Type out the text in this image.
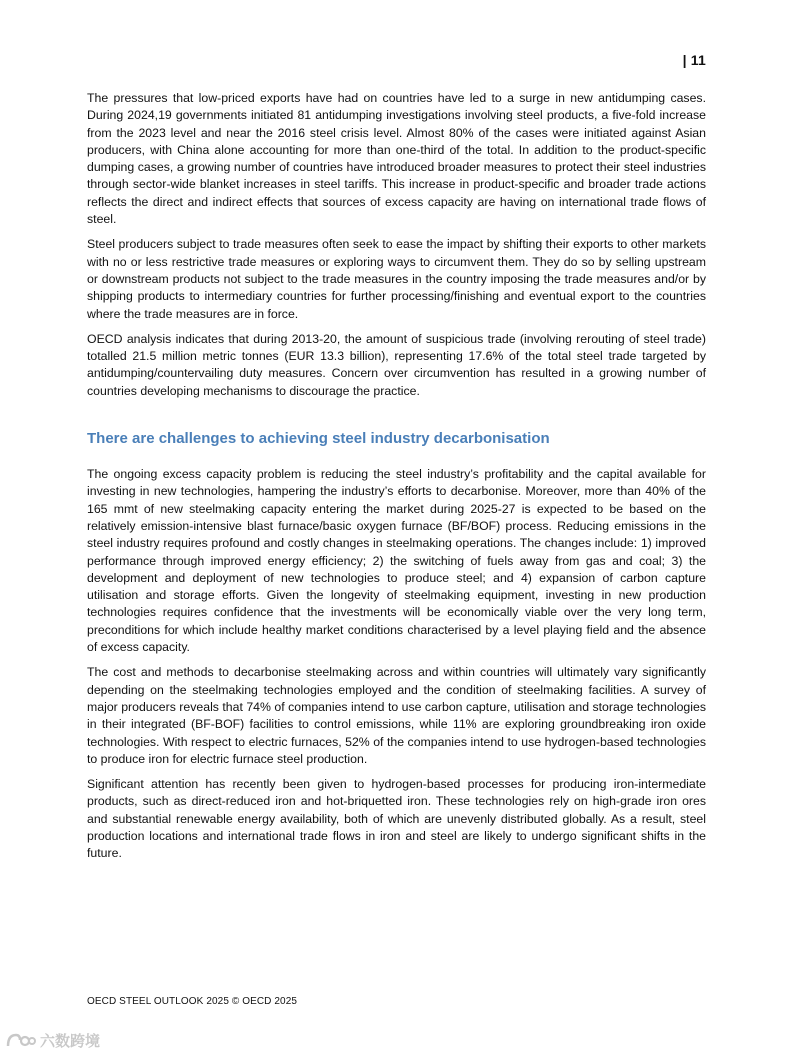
| 11

The pressures that low-priced exports have had on countries have led to a surge in new antidumping cases. During 2024,19 governments initiated 81 antidumping investigations involving steel products, a five-fold increase from the 2023 level and near the 2016 steel crisis level. Almost 80% of the cases were initiated against Asian producers, with China alone accounting for more than one-third of the total. In addition to the product-specific dumping cases, a growing number of countries have introduced broader measures to protect their steel industries through sector-wide blanket increases in steel tariffs. This increase in product-specific and broader trade actions reflects the direct and indirect effects that sources of excess capacity are having on international trade flows of steel.

Steel producers subject to trade measures often seek to ease the impact by shifting their exports to other markets with no or less restrictive trade measures or exploring ways to circumvent them. They do so by selling upstream or downstream products not subject to the trade measures in the country imposing the trade measures and/or by shipping products to intermediary countries for further processing/finishing and eventual export to the countries where the trade measures are in force.

OECD analysis indicates that during 2013-20, the amount of suspicious trade (involving rerouting of steel trade) totalled 21.5 million metric tonnes (EUR 13.3 billion), representing 17.6% of the total steel trade targeted by antidumping/countervailing duty measures. Concern over circumvention has resulted in a growing number of countries developing mechanisms to discourage the practice.

There are challenges to achieving steel industry decarbonisation

The ongoing excess capacity problem is reducing the steel industry’s profitability and the capital available for investing in new technologies, hampering the industry’s efforts to decarbonise. Moreover, more than 40% of the 165 mmt of new steelmaking capacity entering the market during 2025-27 is expected to be based on the relatively emission-intensive blast furnace/basic oxygen furnace (BF/BOF) process. Reducing emissions in the steel industry requires profound and costly changes in steelmaking operations. The changes include: 1) improved performance through improved energy efficiency; 2) the switching of fuels away from gas and coal; 3) the development and deployment of new technologies to produce steel; and 4) expansion of carbon capture utilisation and storage efforts. Given the longevity of steelmaking equipment, investing in new production technologies requires confidence that the investments will be economically viable over the very long term, preconditions for which include healthy market conditions characterised by a level playing field and the absence of excess capacity.

The cost and methods to decarbonise steelmaking across and within countries will ultimately vary significantly depending on the steelmaking technologies employed and the condition of steelmaking facilities. A survey of major producers reveals that 74% of companies intend to use carbon capture, utilisation and storage technologies in their integrated (BF-BOF) facilities to control emissions, while 11% are exploring groundbreaking iron oxide technologies. With respect to electric furnaces, 52% of the companies intend to use hydrogen-based technologies to produce iron for electric furnace steel production.

Significant attention has recently been given to hydrogen-based processes for producing iron-intermediate products, such as direct-reduced iron and hot-briquetted iron. These technologies rely on high-grade iron ores and substantial renewable energy availability, both of which are unevenly distributed globally. As a result, steel production locations and international trade flows in iron and steel are likely to undergo significant shifts in the future.

OECD STEEL OUTLOOK 2025 © OECD 2025
六数跨境
